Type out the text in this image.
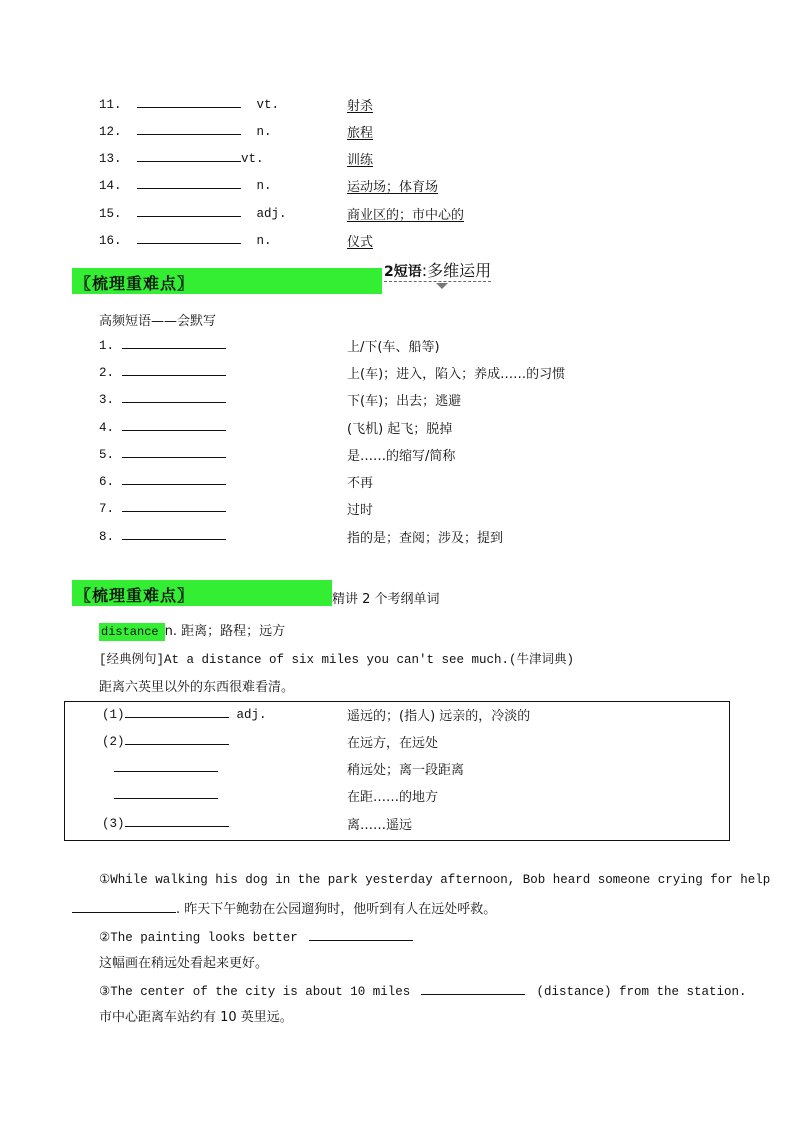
11.	vt.	射杀
12.	n.	旅程
13.	vt.	训练
14.	n.	运动场；体育场
15.	adj.	商业区的；市中心的
16.	n.	仪式
〖梳理重难点〗
2短语:多维运用
高频短语——会默写
1.	上/下(车、船等)
2.	上(车)；进入，陷入；养成……的习惯
3.	下(车)；出去；逃避
4.	(飞机) 起飞；脱掉
5.	是……的缩写/简称
6.	不再
7.	过时
8.	指的是；查阅；涉及；提到
〖梳理重难点〗	精讲 2 个考纲单词
distance n. 距离；路程；远方
[经典例句]At a distance of six miles you can't see much.(牛津词典)
距离六英里以外的东西很难看清。
(1)	adj.	遥远的；(指人) 远亲的，冷淡的
(2)	在远方，在远处
稍远处；离一段距离
在距……的地方
(3)	离……遥远
①While walking his dog in the park yesterday afternoon, Bob heard someone crying for help
. 昨天下午鲍勃在公园遛狗时，他听到有人在远处呼救。
②The painting looks better
这幅画在稍远处看起来更好。
③The center of the city is about 10 miles	(distance) from the station.
市中心距离车站约有 10 英里远。
